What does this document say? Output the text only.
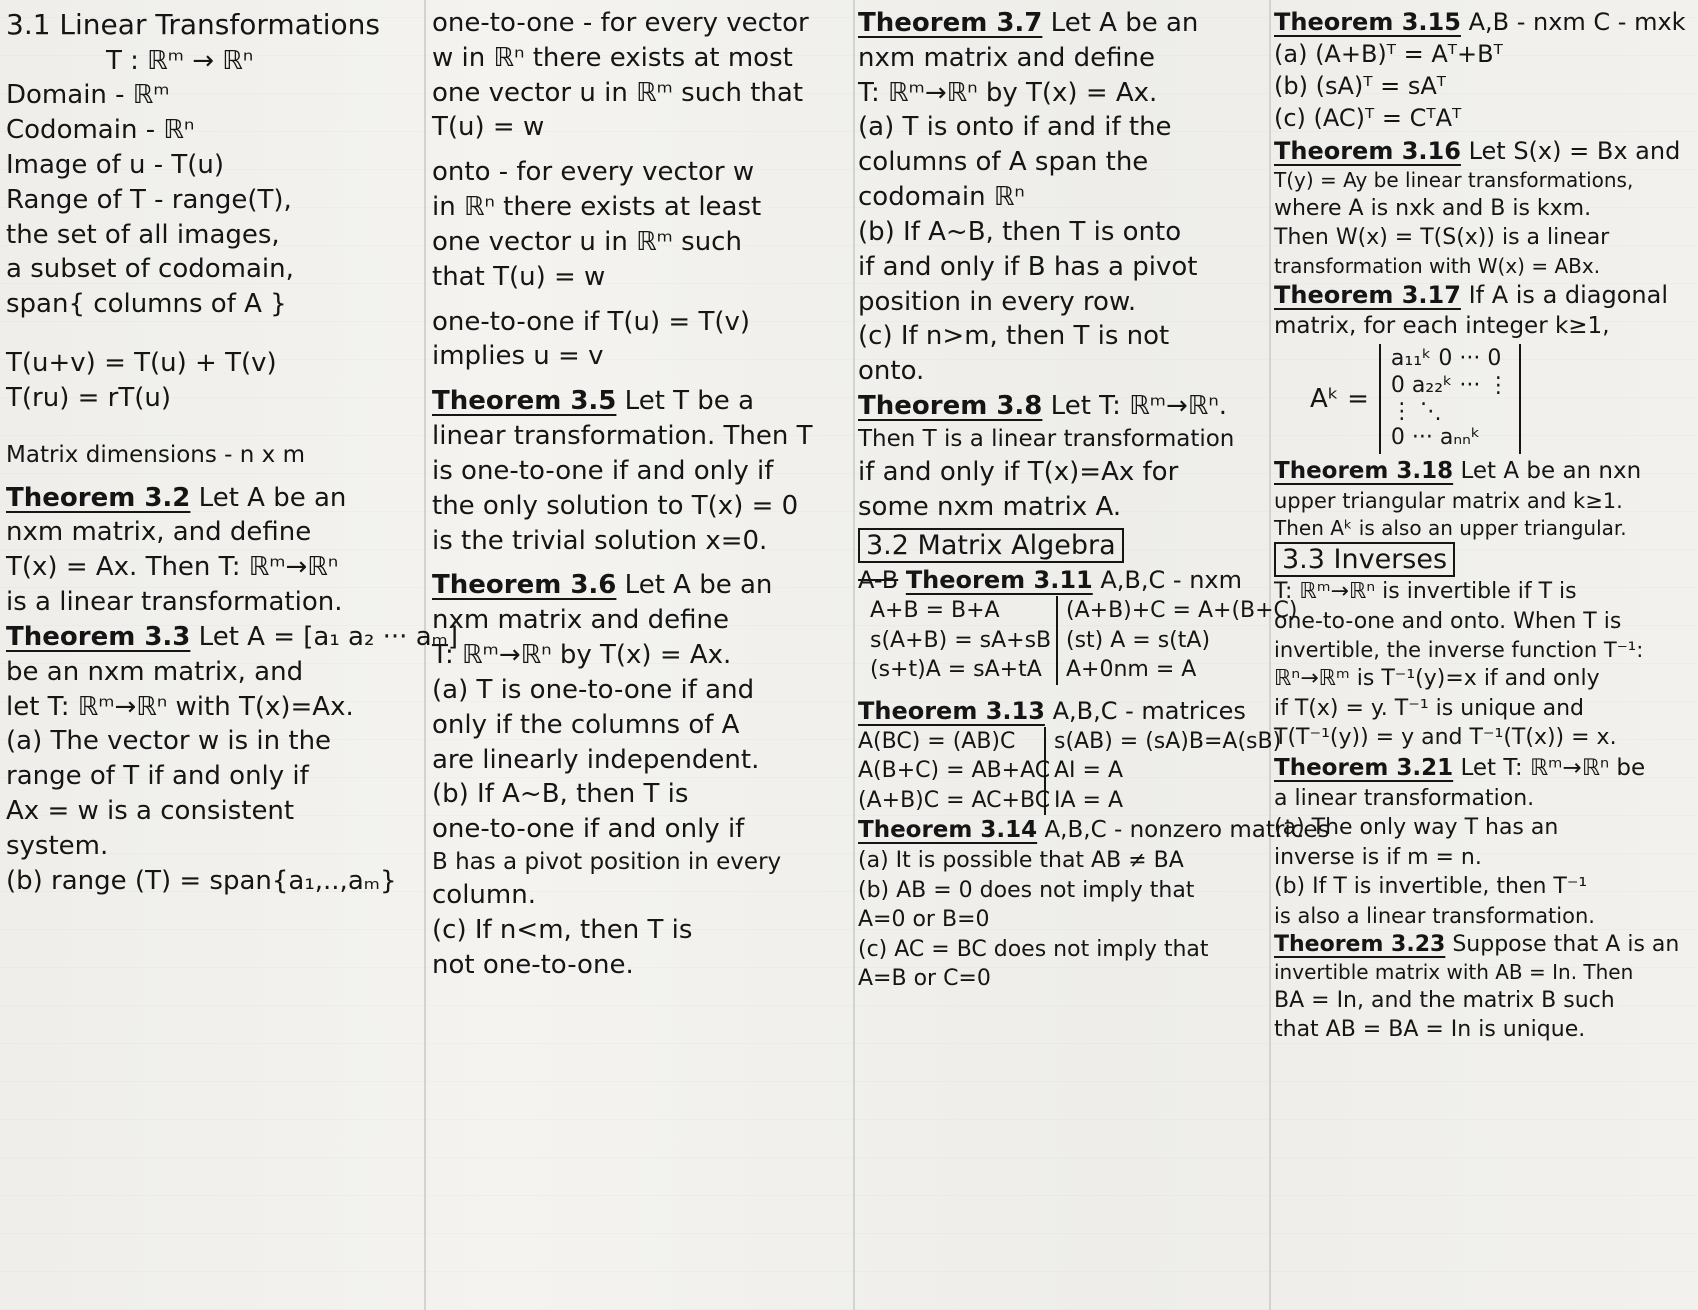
3.1 Linear Transformations
T : ℝᵐ → ℝⁿ
Domain - ℝᵐ
Codomain - ℝⁿ
Image of u - T(u)
Range of T - range(T),
the set of all images,
a subset of codomain,
span{ columns of A }
T(u+v) = T(u) + T(v)
T(ru) = rT(u)
Matrix dimensions - n x m
Theorem 3.2 Let A be an
nxm matrix, and define
T(x) = Ax. Then T: ℝᵐ→ℝⁿ
is a linear transformation.
Theorem 3.3 Let A = [a₁ a₂ ··· aₘ]
be an nxm matrix, and
let T: ℝᵐ→ℝⁿ with T(x)=Ax.
(a) The vector w is in the
range of T if and only if
Ax = w is a consistent
system.
(b) range (T) = span{a₁,..,aₘ}
one-to-one - for every vector
w in ℝⁿ there exists at most
one vector u in ℝᵐ such that
T(u) = w
onto - for every vector w
in ℝⁿ there exists at least
one vector u in ℝᵐ such
that T(u) = w
one-to-one if T(u) = T(v)
implies u = v
Theorem 3.5 Let T be a
linear transformation. Then T
is one-to-one if and only if
the only solution to T(x) = 0
is the trivial solution x=0.
Theorem 3.6 Let A be an
nxm matrix and define
T: ℝᵐ→ℝⁿ by T(x) = Ax.
(a) T is one-to-one if and
only if the columns of A
are linearly independent.
(b) If A~B, then T is
one-to-one if and only if
B has a pivot position in every
column.
(c) If n<m, then T is
not one-to-one.
Theorem 3.7 Let A be an
nxm matrix and define
T: ℝᵐ→ℝⁿ by T(x) = Ax.
(a) T is onto if and if the
columns of A span the
codomain ℝⁿ
(b) If A~B, then T is onto
if and only if B has a pivot
position in every row.
(c) If n>m, then T is not
onto.
Theorem 3.8 Let T: ℝᵐ→ℝⁿ.
Then T is a linear transformation
if and only if T(x)=Ax for
some nxm matrix A.
3.2 Matrix Algebra
A-B Theorem 3.11 A,B,C - nxm
A+B = B+A
s(A+B) = sA+sB
(s+t)A = sA+tA
(A+B)+C = A+(B+C)
(st) A = s(tA)
A+0nm = A
Theorem 3.13 A,B,C - matrices
A(BC) = (AB)C
A(B+C) = AB+AC
(A+B)C = AC+BC
s(AB) = (sA)B=A(sB)
AI = A
IA = A
Theorem 3.14 A,B,C - nonzero matrices
(a) It is possible that AB ≠ BA
(b) AB = 0 does not imply that
A=0 or B=0
(c) AC = BC does not imply that
A=B or C=0
Theorem 3.15 A,B - nxm C - mxk
(a) (A+B)ᵀ = Aᵀ+Bᵀ
(b) (sA)ᵀ = sAᵀ
(c) (AC)ᵀ = CᵀAᵀ
Theorem 3.16 Let S(x) = Bx and
T(y) = Ay be linear transformations,
where A is nxk and B is kxm.
Then W(x) = T(S(x)) is a linear
transformation with W(x) = ABx.
Theorem 3.17 If A is a diagonal
matrix, for each integer k≥1,
Aᵏ =
a₁₁ᵏ 0 ··· 0
0 a₂₂ᵏ ··· ⋮
⋮ ⋱
0 ··· aₙₙᵏ
Theorem 3.18 Let A be an nxn
upper triangular matrix and k≥1.
Then Aᵏ is also an upper triangular.
3.3 Inverses
T: ℝᵐ→ℝⁿ is invertible if T is
one-to-one and onto. When T is
invertible, the inverse function T⁻¹:
ℝⁿ→ℝᵐ is T⁻¹(y)=x if and only
if T(x) = y. T⁻¹ is unique and
T(T⁻¹(y)) = y and T⁻¹(T(x)) = x.
Theorem 3.21 Let T: ℝᵐ→ℝⁿ be
a linear transformation.
(a) The only way T has an
inverse is if m = n.
(b) If T is invertible, then T⁻¹
is also a linear transformation.
Theorem 3.23 Suppose that A is an
invertible matrix with AB = In. Then
BA = In, and the matrix B such
that AB = BA = In is unique.
